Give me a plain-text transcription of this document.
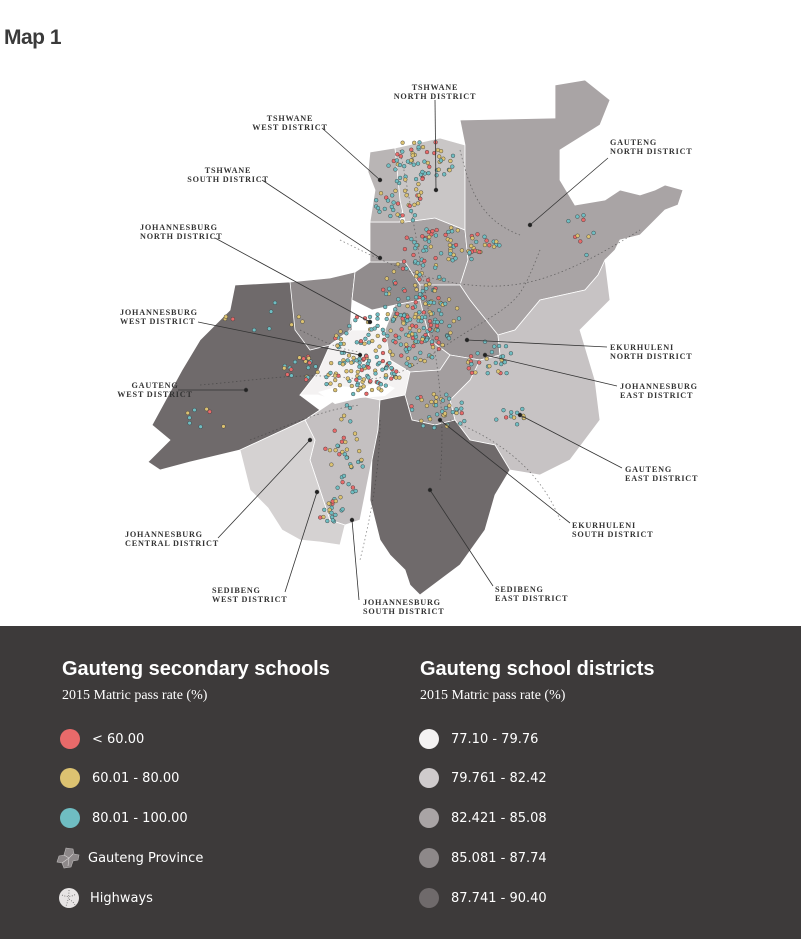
Map 1
TSHWANE NORTH DISTRICT
TSHWANE WEST DISTRICT
TSHWANE SOUTH DISTRICT
GAUTENG NORTH DISTRICT
JOHANNESBURG NORTH DISTRICT
JOHANNESBURG WEST DISTRICT
GAUTENG WEST DISTRICT
EKURHULENI NORTH DISTRICT
JOHANNESBURG EAST DISTRICT
GAUTENG EAST DISTRICT
EKURHULENI SOUTH DISTRICT
SEDIBENG EAST DISTRICT
JOHANNESBURG SOUTH DISTRICT
SEDIBENG WEST DISTRICT
JOHANNESBURG CENTRAL DISTRICT
Gauteng secondary schools
2015 Matric pass rate (%)
< 60.00
60.01 - 80.00
80.01 - 100.00
Gauteng Province
Highways
Gauteng school districts
2015 Matric pass rate (%)
77.10 - 79.76
79.761 - 82.42
82.421 - 85.08
85.081 - 87.74
87.741 - 90.40
